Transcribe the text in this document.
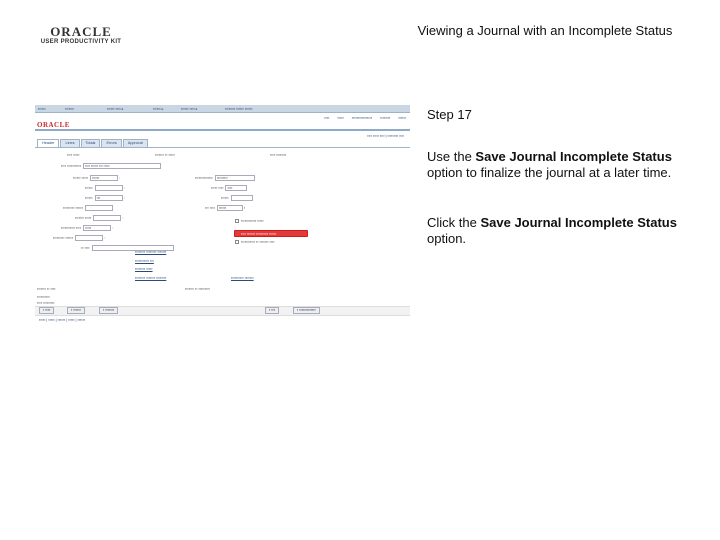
ORACLE
USER PRODUCTIVITY KIT
Viewing a Journal with an Incomplete Status
▪▪▪▪▪▪	▪▪▪▪▪▪▪	▪▪▪▪▪▪ ▪▪▪▪ ▸	▪▪▪▪▪▪ ▸	▪▪▪▪▪▪ ▪▪▪▪ ▸	▪▪▪▪▪▪▪▪ ▪▪▪▪▪▪ ▪▪▪▪▪▪
ORACLE
▪▪▪▪ ▪▪▪▪▪ ▪▪▪▪▪▪▪▪▪▪▪▪▪▪▪▪ ▪▪▪▪▪▪▪▪ ▪▪▪▪▪▪
▪▪▪▪ ▪▪▪▪▪ ▪▪▪▪ | ▪▪▪▪▪▪▪▪▪ ▪▪▪▪
Header	Lines	Totals	Errors	Approval
▪▪▪▪ ▪▪▪▪▪	▪▪▪▪▪▪▪ ▪▪ ▪▪▪▪▪	▪▪▪▪ ▪▪▪▪▪▪▪▪
▪▪▪▪ ▪▪▪▪▪▪▪▪▪▪▪ ▪▪▪▪ ▪▪▪▪▪▪ ▪▪▪ ▪▪▪▪▪
▪▪▪▪▪▪ ▪▪▪▪▪ ▪▪▪▪▪▪	◦
▪▪▪▪▪▪	◦
▪▪▪▪▪▪ ▪▪▪	◦
▪▪▪▪▪▪▪▪▪ ▪▪▪▪▪▪
▪▪▪▪▪▪▪ ▪▪▪▪▪	◦
▪▪▪▪▪▪▪▪▪▪▪ ▪▪▪▪ ▪▪▪▪▪	◦
▪▪▪▪▪▪▪▪▪ ▪▪▪▪▪▪	◦
▪▪ ▪▪▪▪
▪▪▪▪▪▪▪▪▪▪▪▪▪▪ ▪▪▪▪▪▪▪▪▪
▪▪▪▪▪ ▪▪▪▪ ▪▪▪▪
▪▪▪▪▪▪
▪▪▪ ▪▪▪▪ ▪▪▪▪▪▪	▪
▪▪▪▪▪▪▪▪▪▪▪▪ ▪▪▪▪▪
▪▪▪▪ ▪▪▪▪▪▪▪ ▪▪▪▪▪▪▪▪▪▪ ▪▪▪▪▪▪
▪▪▪▪▪▪▪▪▪▪▪ ▪▪ ▪▪▪▪▪▪▪ ▪▪▪▪
▪▪▪▪▪▪▪▪ ▪▪▪▪▪▪▪▪ ▪▪▪▪▪▪▪
▪▪▪▪▪▪▪▪▪▪▪ ▪▪▪
▪▪▪▪▪▪▪▪ ▪▪▪▪▪
▪▪▪▪▪▪▪▪ ▪▪▪▪▪▪▪ ▪▪▪▪▪▪▪▪	▪▪▪▪▪▪▪▪▪▪ ▪▪▪▪▪▪▪
▪▪▪▪▪▪▪ ▪▪ ▪▪▪▪	▪▪▪▪▪▪▪ ▪▪ ▪▪▪▪▪▪▪▪▪
▪▪▪▪▪▪▪▪▪▪
▪▪▪▪ ▪▪▪▪▪▪▪▪▪
▪ ▪▪▪▪	▪ ▪▪▪▪▪▪	▪ ▪▪▪▪▪▪▪	▪ ▪▪▪	▪ ▪▪▪▪▪▪▪▪▪▪▪▪▪
▪▪▪▪▪ | ▪▪▪▪▪ | ▪▪▪▪▪▪ | ▪▪▪▪▪ | ▪▪▪▪▪▪
Step 17
Use the Save Journal Incomplete Status option to finalize the journal at a later time.
Click the Save Journal Incomplete Status option.
